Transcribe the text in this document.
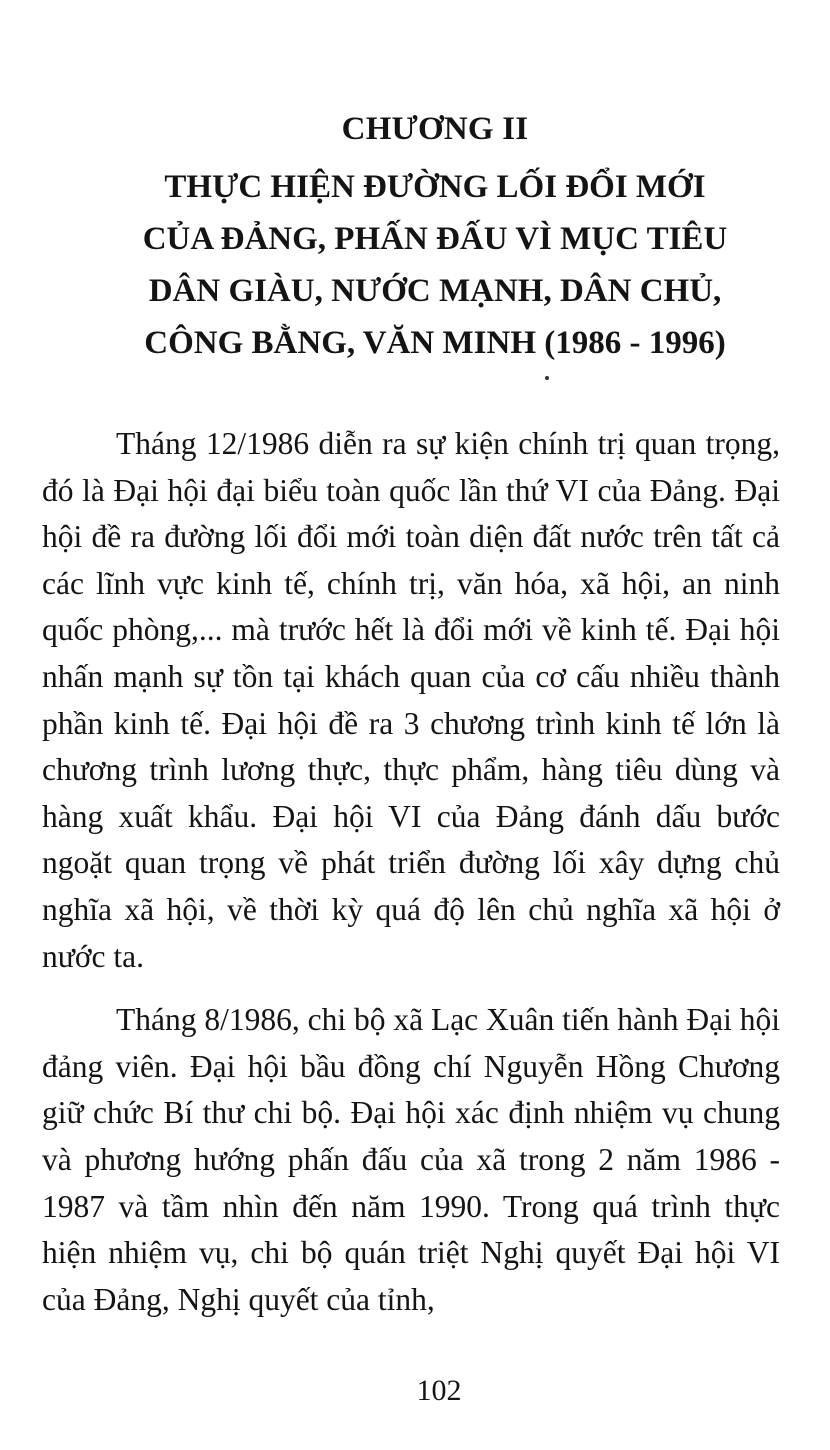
CHƯƠNG II
THỰC HIỆN ĐƯỜNG LỐI ĐỔI MỚI
CỦA ĐẢNG, PHẤN ĐẤU VÌ MỤC TIÊU
DÂN GIÀU, NƯỚC MẠNH, DÂN CHỦ,
CÔNG BẰNG, VĂN MINH (1986 - 1996)

Tháng 12/1986 diễn ra sự kiện chính trị quan trọng, đó là Đại hội đại biểu toàn quốc lần thứ VI của Đảng. Đại hội đề ra đường lối đổi mới toàn diện đất nước trên tất cả các lĩnh vực kinh tế, chính trị, văn hóa, xã hội, an ninh quốc phòng,... mà trước hết là đổi mới về kinh tế. Đại hội nhấn mạnh sự tồn tại khách quan của cơ cấu nhiều thành phần kinh tế. Đại hội đề ra 3 chương trình kinh tế lớn là chương trình lương thực, thực phẩm, hàng tiêu dùng và hàng xuất khẩu. Đại hội VI của Đảng đánh dấu bước ngoặt quan trọng về phát triển đường lối xây dựng chủ nghĩa xã hội, về thời kỳ quá độ lên chủ nghĩa xã hội ở nước ta.

Tháng 8/1986, chi bộ xã Lạc Xuân tiến hành Đại hội đảng viên. Đại hội bầu đồng chí Nguyễn Hồng Chương giữ chức Bí thư chi bộ. Đại hội xác định nhiệm vụ chung và phương hướng phấn đấu của xã trong 2 năm 1986 - 1987 và tầm nhìn đến năm 1990. Trong quá trình thực hiện nhiệm vụ, chi bộ quán triệt Nghị quyết Đại hội VI của Đảng, Nghị quyết của tỉnh,

102
